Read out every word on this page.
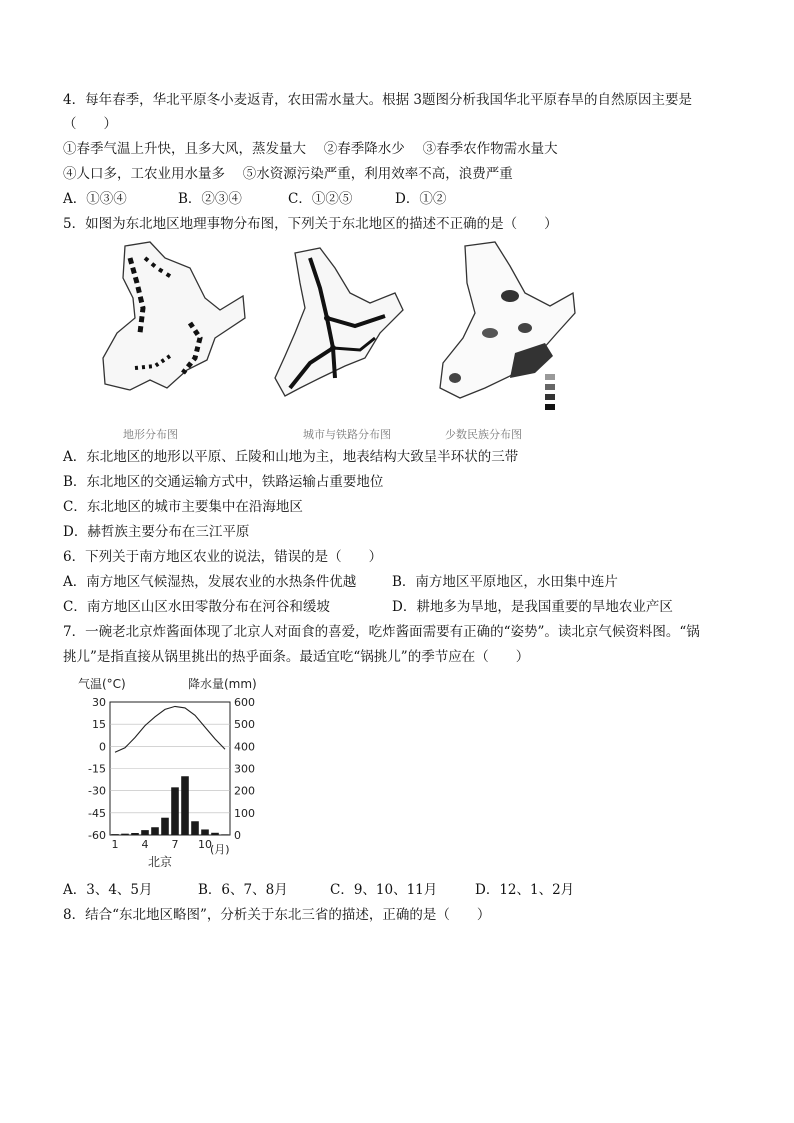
4．每年春季，华北平原冬小麦返青，农田需水量大。根据 3题图分析我国华北平原春旱的自然原因主要是
（　　）
①春季气温上升快，且多大风，蒸发量大　 ②春季降水少　 ③春季农作物需水量大
④人口多，工农业用水量多　 ⑤水资源污染严重，利用效率不高，浪费严重
A．①③④	B．②③④	C．①②⑤	D．①②
5．如图为东北地区地理事物分布图，下列关于东北地区的描述不正确的是（　　）
地形分布图	城市与铁路分布图	少数民族分布图
A．东北地区的地形以平原、丘陵和山地为主，地表结构大致呈半环状的三带
B．东北地区的交通运输方式中，铁路运输占重要地位
C．东北地区的城市主要集中在沿海地区
D．赫哲族主要分布在三江平原
6．下列关于南方地区农业的说法，错误的是（　　）
A．南方地区气候湿热，发展农业的水热条件优越	B．南方地区平原地区，水田集中连片
C．南方地区山区水田零散分布在河谷和缓坡	D．耕地多为旱地，是我国重要的旱地农业产区
7．一碗老北京炸酱面体现了北京人对面食的喜爱，吃炸酱面需要有正确的“姿势”。读北京气候资料图。“锅
挑儿”是指直接从锅里挑出的热乎面条。最适宜吃“锅挑儿”的季节应在（　　）
气温(°C)	降水量(mm)
30
15
0
-15
-30
-45
-60
600
500
400
300
200
100
0
1 4 7 10
(月)
北京
A．3、4、5月	B．6、7、8月	C．9、10、11月	D．12、1、2月
8．结合“东北地区略图”，分析关于东北三省的描述，正确的是（　　）
